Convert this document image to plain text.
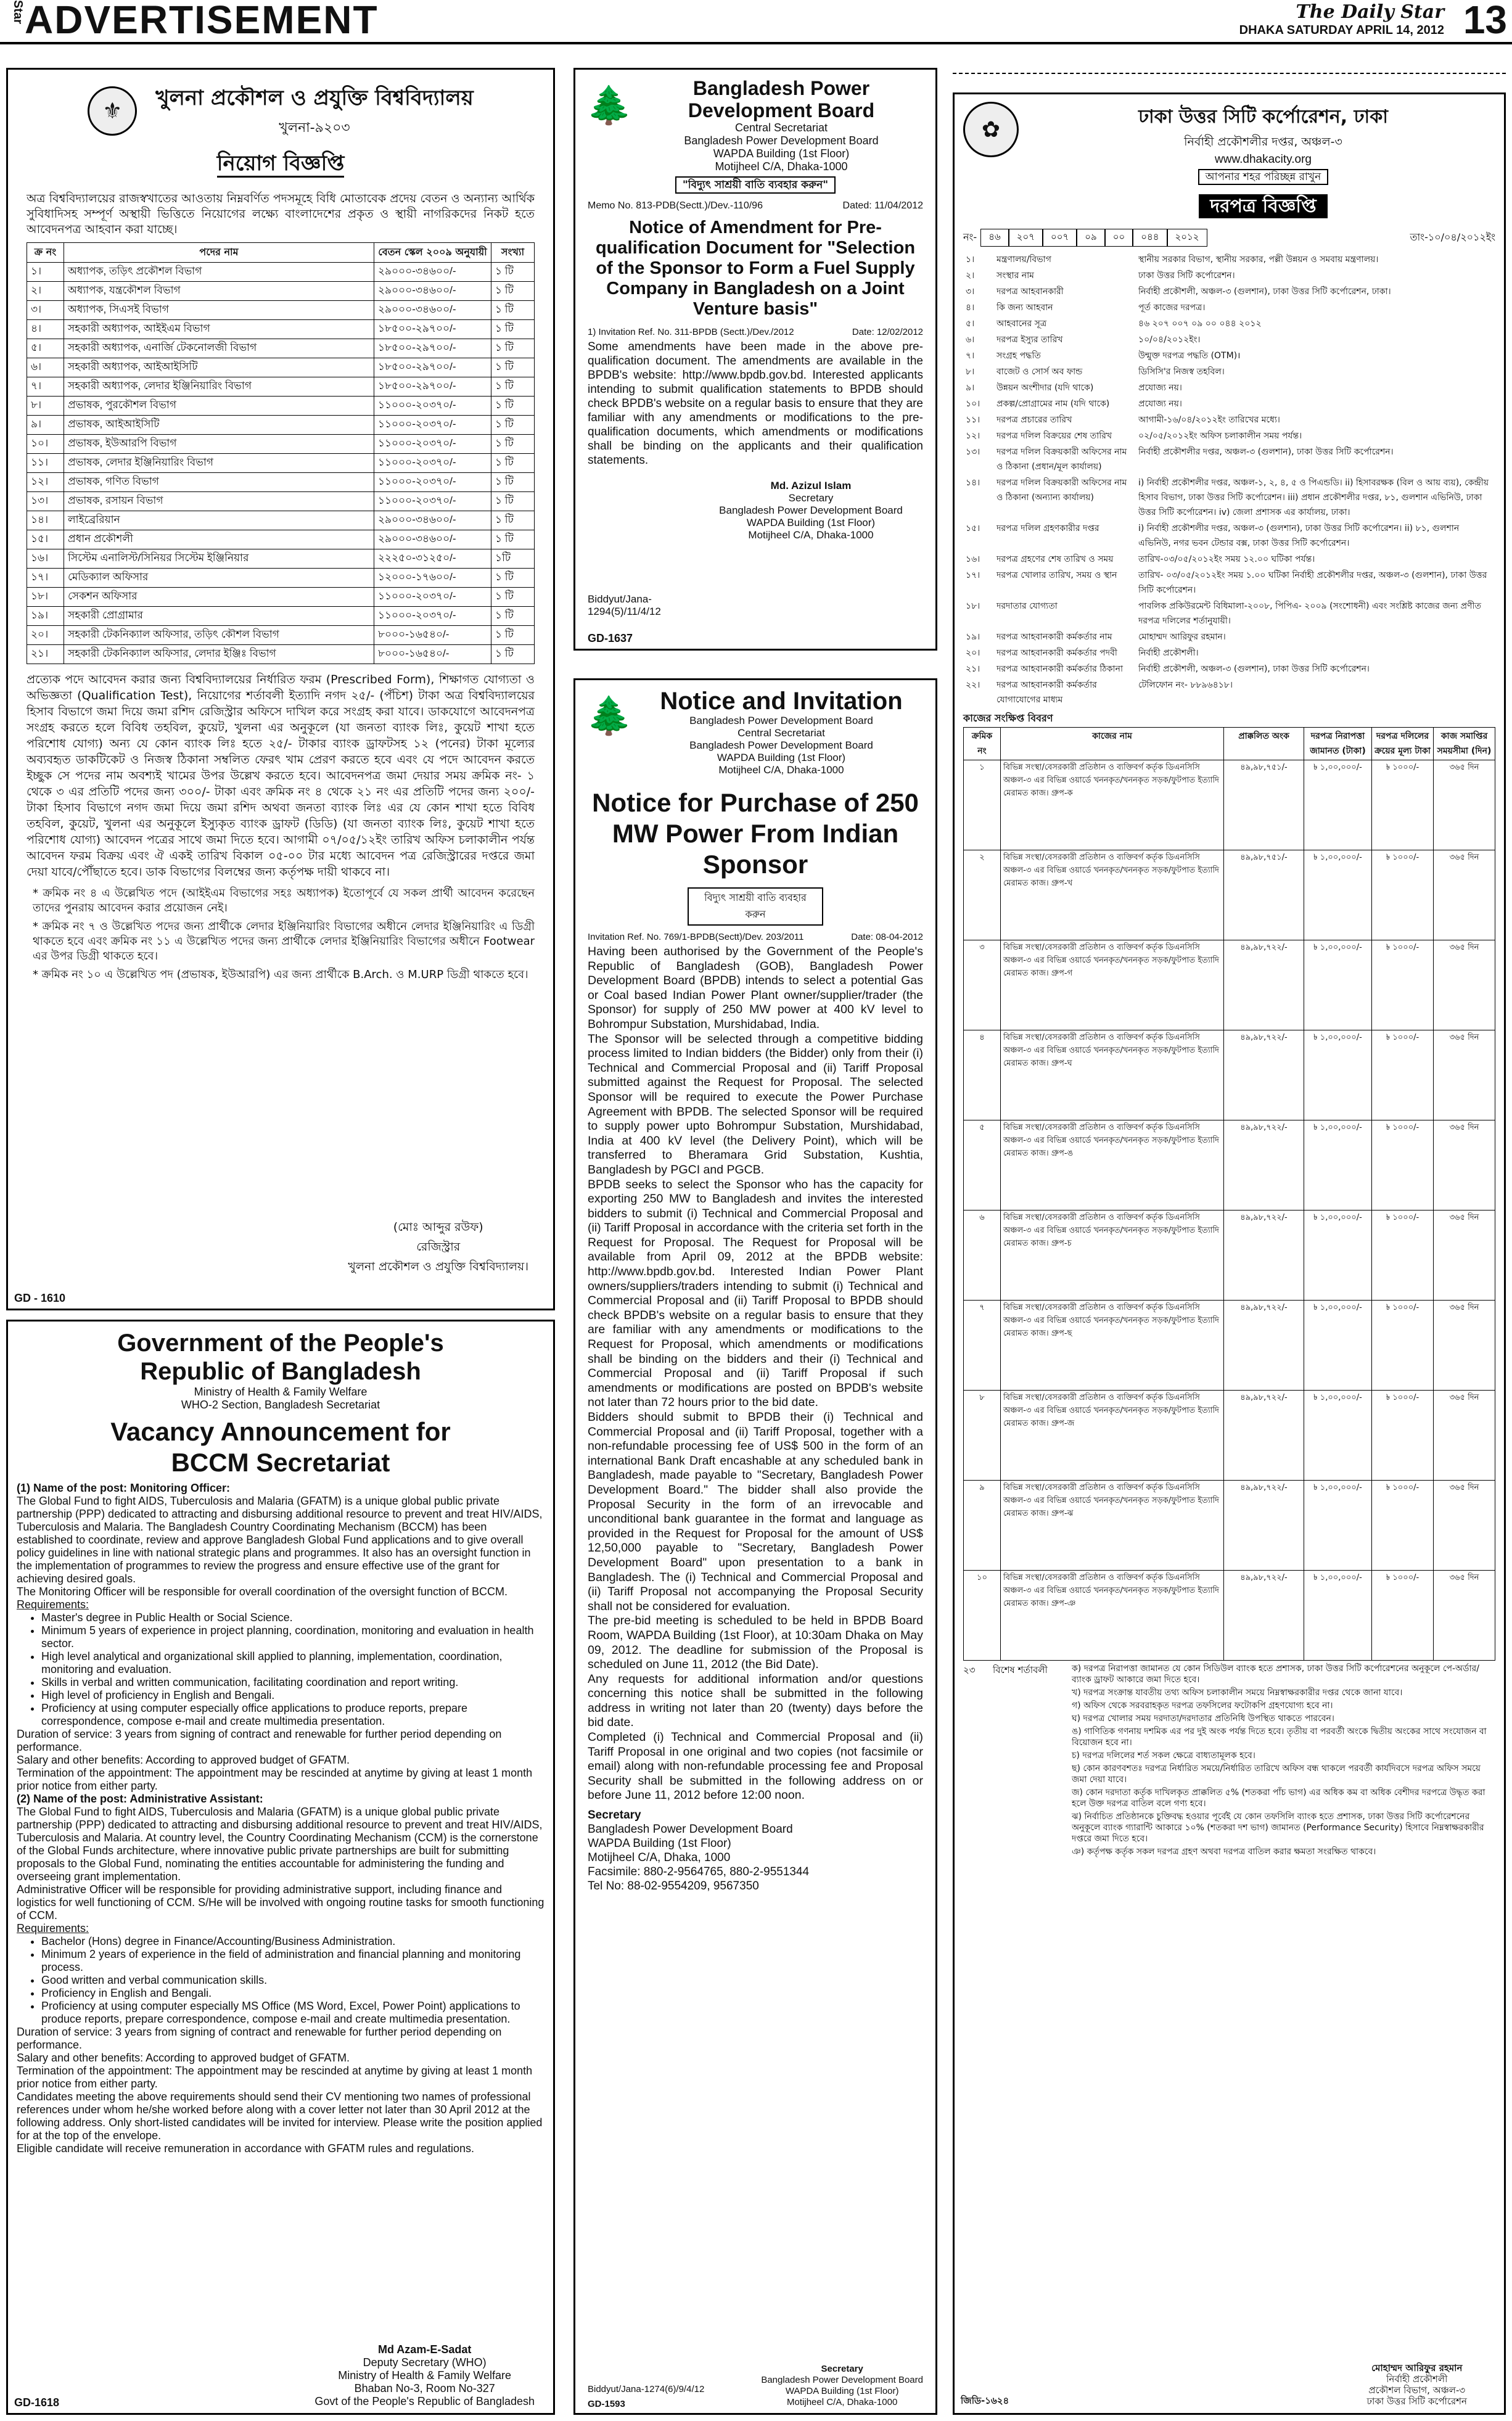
Star ADVERTISEMENT	The Daily Star
DHAKA SATURDAY APRIL 14, 2012 13
⚜	খুলনা প্রকৌশল ও প্রযুক্তি বিশ্ববিদ্যালয়
খুলনা-৯২০৩
নিয়োগ বিজ্ঞপ্তি

অত্র বিশ্ববিদ্যালয়ের রাজস্বখাতের আওতায় নিম্নবর্ণিত পদসমূহে বিধি মোতাবেক প্রদেয় বেতন ও অন্যান্য আর্থিক সুবিধাদিসহ সম্পূর্ণ অস্থায়ী ভিত্তিতে নিয়োগের লক্ষ্যে বাংলাদেশের প্রকৃত ও স্থায়ী নাগরিকদের নিকট হতে আবেদনপত্র আহবান করা যাচ্ছে।

ক্র নং	পদের নাম	বেতন স্কেল ২০০৯ অনুযায়ী	সংখ্যা
১।	অধ্যাপক, তড়িৎ প্রকৌশল বিভাগ	২৯০০০-৩৪৬০০/-	১ টি
২।	অধ্যাপক, যন্ত্রকৌশল বিভাগ	২৯০০০-৩৪৬০০/-	১ টি
৩।	অধ্যাপক, সিএসই বিভাগ	২৯০০০-৩৪৬০০/-	১ টি
৪।	সহকারী অধ্যাপক, আইইএম বিভাগ	১৮৫০০-২৯৭০০/-	১ টি
৫।	সহকারী অধ্যাপক, এনার্জি টেকনোলজী বিভাগ	১৮৫০০-২৯৭০০/-	১ টি
৬।	সহকারী অধ্যাপক, আইআইসিটি	১৮৫০০-২৯৭০০/-	১ টি
৭।	সহকারী অধ্যাপক, লেদার ইঞ্জিনিয়ারিং বিভাগ	১৮৫০০-২৯৭০০/-	১ টি
৮।	প্রভাষক, পুরকৌশল বিভাগ	১১০০০-২০৩৭০/-	১ টি
৯।	প্রভাষক, আইআইসিটি	১১০০০-২০৩৭০/-	১ টি
১০।	প্রভাষক, ইউআরপি বিভাগ	১১০০০-২০৩৭০/-	১ টি
১১।	প্রভাষক, লেদার ইঞ্জিনিয়ারিং বিভাগ	১১০০০-২০৩৭০/-	১ টি
১২।	প্রভাষক, গণিত বিভাগ	১১০০০-২০৩৭০/-	১ টি
১৩।	প্রভাষক, রসায়ন বিভাগ	১১০০০-২০৩৭০/-	১ টি
১৪।	লাইব্রেরিয়ান	২৯০০০-৩৪৬০০/-	১ টি
১৫।	প্রধান প্রকৌশলী	২৯০০০-৩৪৬০০/-	১ টি
১৬।	সিস্টেম এনালিস্ট/সিনিয়র সিস্টেম ইঞ্জিনিয়ার	২২২৫০-৩১২৫০/-	১টি
১৭।	মেডিক্যাল অফিসার	১২০০০-১৭৬০০/-	১ টি
১৮।	সেকশন অফিসার	১১০০০-২০৩৭০/-	১ টি
১৯।	সহকারী প্রোগ্রামার	১১০০০-২০৩৭০/-	১ টি
২০।	সহকারী টেকনিক্যাল অফিসার, তড়িৎ কৌশল বিভাগ	৮০০০-১৬৫৪০/-	১ টি
২১।	সহকারী টেকনিক্যাল অফিসার, লেদার ইঞ্জিঃ বিভাগ	৮০০০-১৬৫৪০/-	১ টি

প্রত্যেক পদে আবেদন করার জন্য বিশ্ববিদ্যালয়ের নির্ধারিত ফরম (Prescribed Form), শিক্ষাগত যোগ্যতা ও অভিজ্ঞতা (Qualification Test), নিয়োগের শর্তাবলী ইত্যাদি নগদ ২৫/- (পঁচিশ) টাকা অত্র বিশ্ববিদ্যালয়ের হিসাব বিভাগে জমা দিয়ে জমা রশিদ রেজিস্ট্রার অফিসে দাখিল করে সংগ্রহ করা যাবে। ডাকযোগে আবেদনপত্র সংগ্রহ করতে হলে বিবিধ তহবিল, কুয়েট, খুলনা এর অনুকূলে (যা জনতা ব্যাংক লিঃ, কুয়েট শাখা হতে পরিশোধ যোগ্য) অন্য যে কোন ব্যাংক লিঃ হতে ২৫/- টাকার ব্যাংক ড্রাফটসহ ১২ (পনের) টাকা মূল্যের অব্যবহৃত ডাকটিকেট ও নিজস্ব ঠিকানা সম্বলিত ফেরৎ খাম প্রেরণ করতে হবে এবং যে পদে আবেদন করতে ইচ্ছুক সে পদের নাম অবশ্যই খামের উপর উল্লেখ করতে হবে। আবেদনপত্র জমা দেয়ার সময় ক্রমিক নং- ১ থেকে ৩ এর প্রতিটি পদের জন্য ৩০০/- টাকা এবং ক্রমিক নং ৪ থেকে ২১ নং এর প্রতিটি পদের জন্য ২০০/- টাকা হিসাব বিভাগে নগদ জমা দিয়ে জমা রশিদ অথবা জনতা ব্যাংক লিঃ এর যে কোন শাখা হতে বিবিধ তহবিল, কুয়েট, খুলনা এর অনুকূলে ইস্যুকৃত ব্যাংক ড্রাফট (ডিডি) (যা জনতা ব্যাংক লিঃ, কুয়েট শাখা হতে পরিশোধ যোগ্য) আবেদন পত্রের সাথে জমা দিতে হবে। আগামী ০৭/০৫/১২ইং তারিখ অফিস চলাকালীন পর্যন্ত আবেদন ফরম বিক্রয় এবং ঐ একই তারিখ বিকাল ০৫-০০ টার মধ্যে আবেদন পত্র রেজিস্ট্রারের দপ্তরে জমা দেয়া যাবে/পৌঁছাতে হবে। ডাক বিভাগের বিলম্বের জন্য কর্তৃপক্ষ দায়ী থাকবে না।

* ক্রমিক নং ৪ এ উল্লেখিত পদে (আইইএম বিভাগের সহঃ অধ্যাপক) ইতোপূর্বে যে সকল প্রার্থী আবেদন করেছেন তাদের পুনরায় আবেদন করার প্রয়োজন নেই।

* ক্রমিক নং ৭ ও উল্লেখিত পদের জন্য প্রার্থীকে লেদার ইঞ্জিনিয়ারিং বিভাগের অধীনে লেদার ইঞ্জিনিয়ারিং এ ডিগ্রী থাকতে হবে এবং ক্রমিক নং ১১ এ উল্লেখিত পদের জন্য প্রার্থীকে লেদার ইঞ্জিনিয়ারিং বিভাগের অধীনে Footwear এর উপর ডিগ্রী থাকতে হবে।

* ক্রমিক নং ১০ এ উল্লেখিত পদ (প্রভাষক, ইউআরপি) এর জন্য প্রার্থীকে B.Arch. ও M.URP ডিগ্রী থাকতে হবে।

(মোঃ আব্দুর রউফ)
রেজিস্ট্রার
খুলনা প্রকৌশল ও প্রযুক্তি বিশ্ববিদ্যালয়।
GD - 1610
🌲	Bangladesh Power Development Board
Central Secretariat
Bangladesh Power Development Board
WAPDA Building (1st Floor)
Motijheel C/A, Dhaka-1000
"বিদ্যুৎ সাশ্রয়ী বাতি ব্যবহার করুন"
Memo No. 813-PDB(Sectt.)/Dev.-110/96	Dated: 11/04/2012
Notice of Amendment for Pre-qualification Document for "Selection of the Sponsor to Form a Fuel Supply Company in Bangladesh on a Joint Venture basis"
1) Invitation Ref. No. 311-BPDB (Sectt.)/Dev./2012	Date: 12/02/2012

Some amendments have been made in the above pre-qualification document. The amendments are available in the BPDB's website: http://www.bpdb.gov.bd. Interested applicants intending to submit qualification statements to BPDB should check BPDB's website on a regular basis to ensure that they are familiar with any amendments or modifications to the pre-qualification documents, which amendments or modifications shall be binding on the applicants and their qualification statements.

Md. Azizul Islam
Secretary
Bangladesh Power Development Board
WAPDA Building (1st Floor)
Motijheel C/A, Dhaka-1000
Biddyut/Jana-
1294(5)/11/4/12
GD-1637
🌲	Notice and Invitation
Bangladesh Power Development Board
Central Secretariat
Bangladesh Power Development Board
WAPDA Building (1st Floor)
Motijheel C/A, Dhaka-1000
Notice for Purchase of 250 MW Power From Indian Sponsor
বিদ্যুৎ সাশ্রয়ী বাতি ব্যবহার করুন
Invitation Ref. No. 769/1-BPDB(Sectt)/Dev. 203/2011	Date: 08-04-2012

Having been authorised by the Government of the People's Republic of Bangladesh (GOB), Bangladesh Power Development Board (BPDB) intends to select a potential Gas or Coal based Indian Power Plant owner/supplier/trader (the Sponsor) for supply of 250 MW power at 400 kV level to Bohrompur Substation, Murshidabad, India.

The Sponsor will be selected through a competitive bidding process limited to Indian bidders (the Bidder) only from their (i) Technical and Commercial Proposal and (ii) Tariff Proposal submitted against the Request for Proposal. The selected Sponsor will be required to execute the Power Purchase Agreement with BPDB. The selected Sponsor will be required to supply power upto Bohrompur Substation, Murshidabad, India at 400 kV level (the Delivery Point), which will be transferred to Bheramara Grid Substation, Kushtia, Bangladesh by PGCI and PGCB.

BPDB seeks to select the Sponsor who has the capacity for exporting 250 MW to Bangladesh and invites the interested bidders to submit (i) Technical and Commercial Proposal and (ii) Tariff Proposal in accordance with the criteria set forth in the Request for Proposal. The Request for Proposal will be available from April 09, 2012 at the BPDB website: http://www.bpdb.gov.bd. Interested Indian Power Plant owners/suppliers/traders intending to submit (i) Technical and Commercial Proposal and (ii) Tariff Proposal to BPDB should check BPDB's website on a regular basis to ensure that they are familiar with any amendments or modifications to the Request for Proposal, which amendments or modifications shall be binding on the bidders and their (i) Technical and Commercial Proposal and (ii) Tariff Proposal if such amendments or modifications are posted on BPDB's website not later than 72 hours prior to the bid date.

Bidders should submit to BPDB their (i) Technical and Commercial Proposal and (ii) Tariff Proposal, together with a non-refundable processing fee of US$ 500 in the form of an international Bank Draft encashable at any scheduled bank in Bangladesh, made payable to "Secretary, Bangladesh Power Development Board." The bidder shall also provide the Proposal Security in the form of an irrevocable and unconditional bank guarantee in the format and language as provided in the Request for Proposal for the amount of US$ 12,50,000 payable to "Secretary, Bangladesh Power Development Board" upon presentation to a bank in Bangladesh. The (i) Technical and Commercial Proposal and (ii) Tariff Proposal not accompanying the Proposal Security shall not be considered for evaluation.

The pre-bid meeting is scheduled to be held in BPDB Board Room, WAPDA Building (1st Floor), at 10:30am Dhaka on May 09, 2012. The deadline for submission of the Proposal is scheduled on June 11, 2012 (the Bid Date).

Any requests for additional information and/or questions concerning this notice shall be submitted in the following address in writing not later than 20 (twenty) days before the bid date.

Completed (i) Technical and Commercial Proposal and (ii) Tariff Proposal in one original and two copies (not facsimile or email) along with non-refundable processing fee and Proposal Security shall be submitted in the following address on or before June 11, 2012 before 12:00 noon.

Secretary
Bangladesh Power Development Board
WAPDA Building (1st Floor)
Motijheel C/A, Dhaka, 1000
Facsimile: 880-2-9564765, 880-2-9551344
Tel No: 88-02-9554209, 9567350
Secretary
Bangladesh Power Development Board
WAPDA Building (1st Floor)
Motijheel C/A, Dhaka-1000
Biddyut/Jana-1274(6)/9/4/12
GD-1593
Government of the People's Republic of Bangladesh
Ministry of Health & Family Welfare
WHO-2 Section, Bangladesh Secretariat
Vacancy Announcement for BCCM Secretariat
(1) Name of the post: Monitoring Officer:
The Global Fund to fight AIDS, Tuberculosis and Malaria (GFATM) is a unique global public private partnership (PPP) dedicated to attracting and disbursing additional resource to prevent and treat HIV/AIDS, Tuberculosis and Malaria. The Bangladesh Country Coordinating Mechanism (BCCM) has been established to coordinate, review and approve Bangladesh Global Fund applications and to give overall policy guidelines in line with national strategic plans and programmes. It also has an oversight function in the implementation of programmes to review the progress and ensure effective use of the grant for achieving desired goals.
The Monitoring Officer will be responsible for overall coordination of the oversight function of BCCM.
Requirements:
• Master's degree in Public Health or Social Science.
• Minimum 5 years of experience in project planning, coordination, monitoring and evaluation in health sector.
• High level analytical and organizational skill applied to planning, implementation, coordination, monitoring and evaluation.
• Skills in verbal and written communication, facilitating coordination and report writing.
• High level of proficiency in English and Bengali.
• Proficiency at using computer especially office applications to produce reports, prepare correspondence, compose e-mail and create multimedia presentation.
Duration of service: 3 years from signing of contract and renewable for further period depending on performance.
Salary and other benefits: According to approved budget of GFATM.
Termination of the appointment: The appointment may be rescinded at anytime by giving at least 1 month prior notice from either party.
(2) Name of the post: Administrative Assistant:
The Global Fund to fight AIDS, Tuberculosis and Malaria (GFATM) is a unique global public private partnership (PPP) dedicated to attracting and disbursing additional resource to prevent and treat HIV/AIDS, Tuberculosis and Malaria. At country level, the Country Coordinating Mechanism (CCM) is the cornerstone of the Global Funds architecture, where innovative public private partnerships are built for submitting proposals to the Global Fund, nominating the entities accountable for administering the funding and overseeing grant implementation.
Administrative Officer will be responsible for providing administrative support, including finance and logistics for well functioning of CCM. S/He will be involved with ongoing routine tasks for smooth functioning of CCM.
Requirements:
• Bachelor (Hons) degree in Finance/Accounting/Business Administration.
• Minimum 2 years of experience in the field of administration and financial planning and monitoring process.
• Good written and verbal communication skills.
• Proficiency in English and Bengali.
• Proficiency at using computer especially MS Office (MS Word, Excel, Power Point) applications to produce reports, prepare correspondence, compose e-mail and create multimedia presentation.
Duration of service: 3 years from signing of contract and renewable for further period depending on performance.
Salary and other benefits: According to approved budget of GFATM.
Termination of the appointment: The appointment may be rescinded at anytime by giving at least 1 month prior notice from either party.
Candidates meeting the above requirements should send their CV mentioning two names of professional references under whom he/she worked before along with a cover letter not later than 30 April 2012 at the following address. Only short-listed candidates will be invited for interview. Please write the position applied for at the top of the envelope.
Eligible candidate will receive remuneration in accordance with GFATM rules and regulations.
Md Azam-E-Sadat
Deputy Secretary (WHO)
Ministry of Health & Family Welfare
Bhaban No-3, Room No-327
Govt of the People's Republic of Bangladesh
GD-1618
✿	ঢাকা উত্তর সিটি কর্পোরেশন, ঢাকা
নির্বাহী প্রকৌশলীর দপ্তর, অঞ্চল-৩
www.dhakacity.org
আপনার শহর পরিচ্ছন্ন রাখুন
দরপত্র বিজ্ঞপ্তি
নং-	৪৬	২০৭	০০৭	০৯	০০	০৪৪	২০১২	তাং-১০/০৪/২০১২ইং
১।	মন্ত্রণালয়/বিভাগ	স্থানীয় সরকার বিভাগ, স্থানীয় সরকার, পল্লী উন্নয়ন ও সমবায় মন্ত্রণালয়।
২।	সংস্থার নাম	ঢাকা উত্তর সিটি কর্পোরেশন।
৩।	দরপত্র আহবানকারী	নির্বাহী প্রকৌশলী, অঞ্চল-৩ (গুলশান), ঢাকা উত্তর সিটি কর্পোরেশন, ঢাকা।
৪।	কি জন্য আহবান	পূর্ত কাজের দরপত্র।
৫।	আহবানের সূত্র	৪৬ ২০৭ ০০৭ ০৯ ০০ ০৪৪ ২০১২
৬।	দরপত্র ইস্যুর তারিখ	১০/০৪/২০১২ইং।
৭।	সংগ্রহ পদ্ধতি	উন্মুক্ত দরপত্র পদ্ধতি (OTM)।
৮।	বাজেট ও সোর্স অব ফান্ড	ডিসিসি'র নিজস্ব তহবিল।
৯।	উন্নয়ন অংশীদার (যদি থাকে)	প্রযোজ্য নয়।
১০।	প্রকল্প/প্রোগ্রামের নাম (যদি থাকে)	প্রযোজ্য নয়।
১১।	দরপত্র প্রচারের তারিখ	আগামী-১৬/০৪/২০১২ইং তারিখের মধ্যে।
১২।	দরপত্র দলিল বিক্রয়ের শেষ তারিখ	০২/০৫/২০১২ইং অফিস চলাকালীন সময় পর্যন্ত।
১৩।	দরপত্র দলিল বিক্রয়কারী অফিসের নাম ও ঠিকানা (প্রধান/মূল কার্যালয়)	নির্বাহী প্রকৌশলীর দপ্তর, অঞ্চল-৩ (গুলশান), ঢাকা উত্তর সিটি কর্পোরেশন।
১৪।	দরপত্র দলিল বিক্রয়কারী অফিসের নাম ও ঠিকানা (অন্যান্য কার্যালয়)	i) নির্বাহী প্রকৌশলীর দপ্তর, অঞ্চল-১, ২, ৪, ৫ ও পিএন্ডডি। ii) হিসাবরক্ষক (বিল ও আয় ব্যয়), কেন্দ্রীয় হিসাব বিভাগ, ঢাকা উত্তর সিটি কর্পোরেশন। iii) প্রধান প্রকৌশলীর দপ্তর, ৮১, গুলশান এভিনিউ, ঢাকা উত্তর সিটি কর্পোরেশন। iv) জেলা প্রশাসক এর কার্যালয়, ঢাকা।
১৫।	দরপত্র দলিল গ্রহণকারীর দপ্তর	i) নির্বাহী প্রকৌশলীর দপ্তর, অঞ্চল-৩ (গুলশান), ঢাকা উত্তর সিটি কর্পোরেশন। ii) ৮১, গুলশান এভিনিউ, নগর ভবন টেন্ডার বক্স, ঢাকা উত্তর সিটি কর্পোরেশন।
১৬।	দরপত্র গ্রহণের শেষ তারিখ ও সময়	তারিখ-০৩/০৫/২০১২ইং সময় ১২.০০ ঘটিকা পর্যন্ত।
১৭।	দরপত্র খোলার তারিখ, সময় ও স্থান	তারিখ- ০৩/০৫/২০১২ইং সময় ১.০০ ঘটিকা নির্বাহী প্রকৌশলীর দপ্তর, অঞ্চল-৩ (গুলশান), ঢাকা উত্তর সিটি কর্পোরেশন।
১৮।	দরদাতার যোগ্যতা	পাবলিক প্রকিউরমেন্ট বিধিমালা-২০০৮, পিপিএ- ২০০৯ (সংশোধনী) এবং সংশ্লিষ্ট কাজের জন্য প্রণীত দরপত্র দলিলের শর্তানুযায়ী।
১৯।	দরপত্র আহবানকারী কর্মকর্তার নাম	মোহাম্মদ আরিফুর রহমান।
২০।	দরপত্র আহবানকারী কর্মকর্তার পদবী	নির্বাহী প্রকৌশলী।
২১।	দরপত্র আহবানকারী কর্মকর্তার ঠিকানা	নির্বাহী প্রকৌশলী, অঞ্চল-৩ (গুলশান), ঢাকা উত্তর সিটি কর্পোরেশন।
২২।	দরপত্র আহবানকারী কর্মকর্তার যোগাযোগের মাধ্যম	টেলিফোন নং- ৮৮৯৬৪১৮।
কাজের সংক্ষিপ্ত বিবরণ
ক্রমিক নং	কাজের নাম	প্রাক্কলিত অংক	দরপত্র নিরাপত্তা জামানত (টাকা)	দরপত্র দলিলের ক্রয়ের মূল্য টাকা	কাজ সমাপ্তির সময়সীমা (দিন)
১	বিভিন্ন সংস্থা/বেসরকারী প্রতিষ্ঠান ও ব্যক্তিবর্গ কর্তৃক ডিএনসিসি অঞ্চল-৩ এর বিভিন্ন ওয়ার্ডে খননকৃত/খননকৃত সড়ক/ফুটপাত ইত্যাদি মেরামত কাজ। গ্রুপ-ক	৪৯,৯৮,৭৫১/-	৳ ১,০০,০০০/-	৳ ১০০০/-	৩৬৫ দিন
২	বিভিন্ন সংস্থা/বেসরকারী প্রতিষ্ঠান ও ব্যক্তিবর্গ কর্তৃক ডিএনসিসি অঞ্চল-৩ এর বিভিন্ন ওয়ার্ডে খননকৃত/খননকৃত সড়ক/ফুটপাত ইত্যাদি মেরামত কাজ। গ্রুপ-খ	৪৯,৯৮,৭৫১/-	৳ ১,০০,০০০/-	৳ ১০০০/-	৩৬৫ দিন
৩	বিভিন্ন সংস্থা/বেসরকারী প্রতিষ্ঠান ও ব্যক্তিবর্গ কর্তৃক ডিএনসিসি অঞ্চল-৩ এর বিভিন্ন ওয়ার্ডে খননকৃত/খননকৃত সড়ক/ফুটপাত ইত্যাদি মেরামত কাজ। গ্রুপ-গ	৪৯,৯৮,৭২২/-	৳ ১,০০,০০০/-	৳ ১০০০/-	৩৬৫ দিন
৪	বিভিন্ন সংস্থা/বেসরকারী প্রতিষ্ঠান ও ব্যক্তিবর্গ কর্তৃক ডিএনসিসি অঞ্চল-৩ এর বিভিন্ন ওয়ার্ডে খননকৃত/খননকৃত সড়ক/ফুটপাত ইত্যাদি মেরামত কাজ। গ্রুপ-ঘ	৪৯,৯৮,৭২২/-	৳ ১,০০,০০০/-	৳ ১০০০/-	৩৬৫ দিন
৫	বিভিন্ন সংস্থা/বেসরকারী প্রতিষ্ঠান ও ব্যক্তিবর্গ কর্তৃক ডিএনসিসি অঞ্চল-৩ এর বিভিন্ন ওয়ার্ডে খননকৃত/খননকৃত সড়ক/ফুটপাত ইত্যাদি মেরামত কাজ। গ্রুপ-ঙ	৪৯,৯৮,৭২২/-	৳ ১,০০,০০০/-	৳ ১০০০/-	৩৬৫ দিন
৬	বিভিন্ন সংস্থা/বেসরকারী প্রতিষ্ঠান ও ব্যক্তিবর্গ কর্তৃক ডিএনসিসি অঞ্চল-৩ এর বিভিন্ন ওয়ার্ডে খননকৃত/খননকৃত সড়ক/ফুটপাত ইত্যাদি মেরামত কাজ। গ্রুপ-চ	৪৯,৯৮,৭২২/-	৳ ১,০০,০০০/-	৳ ১০০০/-	৩৬৫ দিন
৭	বিভিন্ন সংস্থা/বেসরকারী প্রতিষ্ঠান ও ব্যক্তিবর্গ কর্তৃক ডিএনসিসি অঞ্চল-৩ এর বিভিন্ন ওয়ার্ডে খননকৃত/খননকৃত সড়ক/ফুটপাত ইত্যাদি মেরামত কাজ। গ্রুপ-ছ	৪৯,৯৮,৭২২/-	৳ ১,০০,০০০/-	৳ ১০০০/-	৩৬৫ দিন
৮	বিভিন্ন সংস্থা/বেসরকারী প্রতিষ্ঠান ও ব্যক্তিবর্গ কর্তৃক ডিএনসিসি অঞ্চল-৩ এর বিভিন্ন ওয়ার্ডে খননকৃত/খননকৃত সড়ক/ফুটপাত ইত্যাদি মেরামত কাজ। গ্রুপ-জ	৪৯,৯৮,৭২২/-	৳ ১,০০,০০০/-	৳ ১০০০/-	৩৬৫ দিন
৯	বিভিন্ন সংস্থা/বেসরকারী প্রতিষ্ঠান ও ব্যক্তিবর্গ কর্তৃক ডিএনসিসি অঞ্চল-৩ এর বিভিন্ন ওয়ার্ডে খননকৃত/খননকৃত সড়ক/ফুটপাত ইত্যাদি মেরামত কাজ। গ্রুপ-ঝ	৪৯,৯৮,৭২২/-	৳ ১,০০,০০০/-	৳ ১০০০/-	৩৬৫ দিন
১০	বিভিন্ন সংস্থা/বেসরকারী প্রতিষ্ঠান ও ব্যক্তিবর্গ কর্তৃক ডিএনসিসি অঞ্চল-৩ এর বিভিন্ন ওয়ার্ডে খননকৃত/খননকৃত সড়ক/ফুটপাত ইত্যাদি মেরামত কাজ। গ্রুপ-ঞ	৪৯,৯৮,৭২২/-	৳ ১,০০,০০০/-	৳ ১০০০/-	৩৬৫ দিন
২৩	বিশেষ শর্তাবলী	ক) দরপত্র নিরাপত্তা জামানত যে কোন সিডিউল ব্যাংক হতে প্রশাসক, ঢাকা উত্তর সিটি কর্পোরেশনের অনুকূলে পে-অর্ডার/ব্যাংক ড্রাফট আকারে জমা দিতে হবে।

খ) দরপত্র সংক্রান্ত যাবতীয় তথ্য অফিস চলাকালীন সময়ে নিম্নস্বাক্ষরকারীর দপ্তর থেকে জানা যাবে।

গ) অফিস থেকে সরবরাহকৃত দরপত্র তফসিলের ফটোকপি গ্রহণযোগ্য হবে না।

ঘ) দরপত্র খোলার সময় দরদাতা/দরদাতার প্রতিনিধি উপস্থিত থাকতে পারবেন।

ঙ) গাণিতিক গণনায় দশমিক এর পর দুই অংক পর্যন্ত দিতে হবে। তৃতীয় বা পরবর্তী অংকে দ্বিতীয় অংকের সাথে সংযোজন বা বিয়োজন হবে না।

চ) দরপত্র দলিলের শর্ত সকল ক্ষেত্রে বাধ্যতামূলক হবে।

ছ) কোন কারণবশতঃ দরপত্র নির্ধারিত সময়ে/নির্ধারিত তারিখে অফিস বন্ধ থাকলে পরবর্তী কার্যদিবসে দরপত্র অফিস সময়ে জমা দেয়া যাবে।

জ) কোন দরদাতা কর্তৃক দাখিলকৃত প্রাক্কলিত ৫% (শতকরা পাঁচ ভাগ) এর অধিক কম বা অধিক বেশীদর দরপত্রে উদ্ধৃত করা হলে উক্ত দরপত্র বাতিল বলে গণ্য হবে।

ঝ) নির্বাচিত প্রতিষ্ঠানকে চুক্তিবদ্ধ হওয়ার পূর্বেই যে কোন তফসিলি ব্যাংক হতে প্রশাসক, ঢাকা উত্তর সিটি কর্পোরেশনের অনুকূলে ব্যাংক গ্যারান্টি আকারে ১০% (শতকরা দশ ভাগ) জামানত (Performance Security) হিসাবে নিম্নস্বাক্ষরকারীর দপ্তরে জমা দিতে হবে।

ঞ) কর্তৃপক্ষ কর্তৃক সকল দরপত্র গ্রহণ অথবা দরপত্র বাতিল করার ক্ষমতা সংরক্ষিত থাকবে।

মোহাম্মদ আরিফুর রহমান
নির্বাহী প্রকৌশলী
প্রকৌশল বিভাগ, অঞ্চল-৩
ঢাকা উত্তর সিটি কর্পোরেশন
জিডি-১৬২৪
